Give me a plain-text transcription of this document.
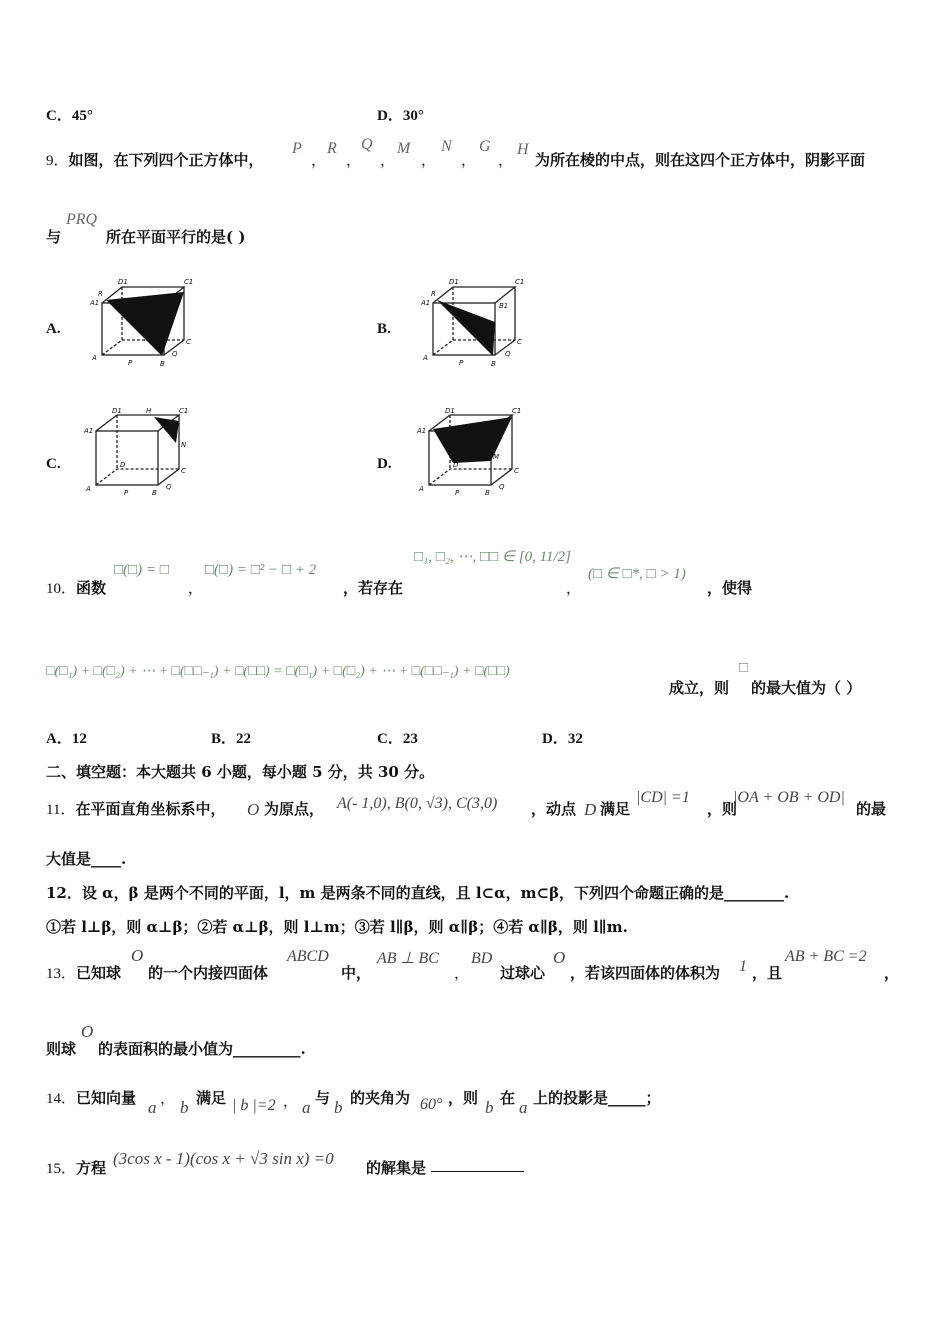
C．45°	D．30°
9．如图，在下列四个正方体中，
P
，
R
，
Q
，
M
，
N
，
G
，
H
为所在棱的中点，则在这四个正方体中，阴影平面
与
PRQ
所在平面平行的是( )
A.	B.
C.	D.
D1	C1
A1
R
C
Q
A
P	B
D1	C1
A1
R
B1
C
Q
A
P	B
D1	H	C1
A1	G
N
D
C
Q
A	P	B
D1	C1
A1
M
D
C
Q
A	P	B
10．函数
□(□) = □
，
□(□) = □² − □ + 2
，若存在
□₁, □₂, ⋯, □□ ∈ [0, 11/2]
，
(□ ∈ □*, □ > 1)
，使得
□(□₁) + □(□₂) + ⋯ + □(□□₋₁) + □(□□) = □(□₁) + □(□₂) + ⋯ + □(□□₋₁) + □(□□)
成立，则
□
的最大值为（ ）
A．12	B．22	C．23	D．32
二、填空题：本大题共 6 小题，每小题 5 分，共 30 分。
11．在平面直角坐标系中， O 为原点， A(- 1,0), B(0, √3), C(3,0) ，动点 D 满足
|CD| =1
，则
|OA + OB + OD|
的最
大值是____.
12．设 α，β 是两个不同的平面，l，m 是两条不同的直线，且 l⊂α，m⊂β，下列四个命题正确的是________.
①若 l⊥β，则 α⊥β；②若 α⊥β，则 l⊥m；③若 l∥β，则 α∥β；④若 α∥β，则 l∥m.
13．已知球
O
的一个内接四面体
ABCD
中，
AB ⊥ BC
，
BD
过球心
O
，若该四面体的体积为 1 ，且
AB + BC =2
，
则球
O
的表面积的最小值为_________.
14．已知向量 a ， b 满足 | b |=2 ， a 与 b 的夹角为 60° ，则 b 在 a 上的投影是_____；
15．方程 (3cos x - 1)(cos x + √3 sin x) =0 的解集是
